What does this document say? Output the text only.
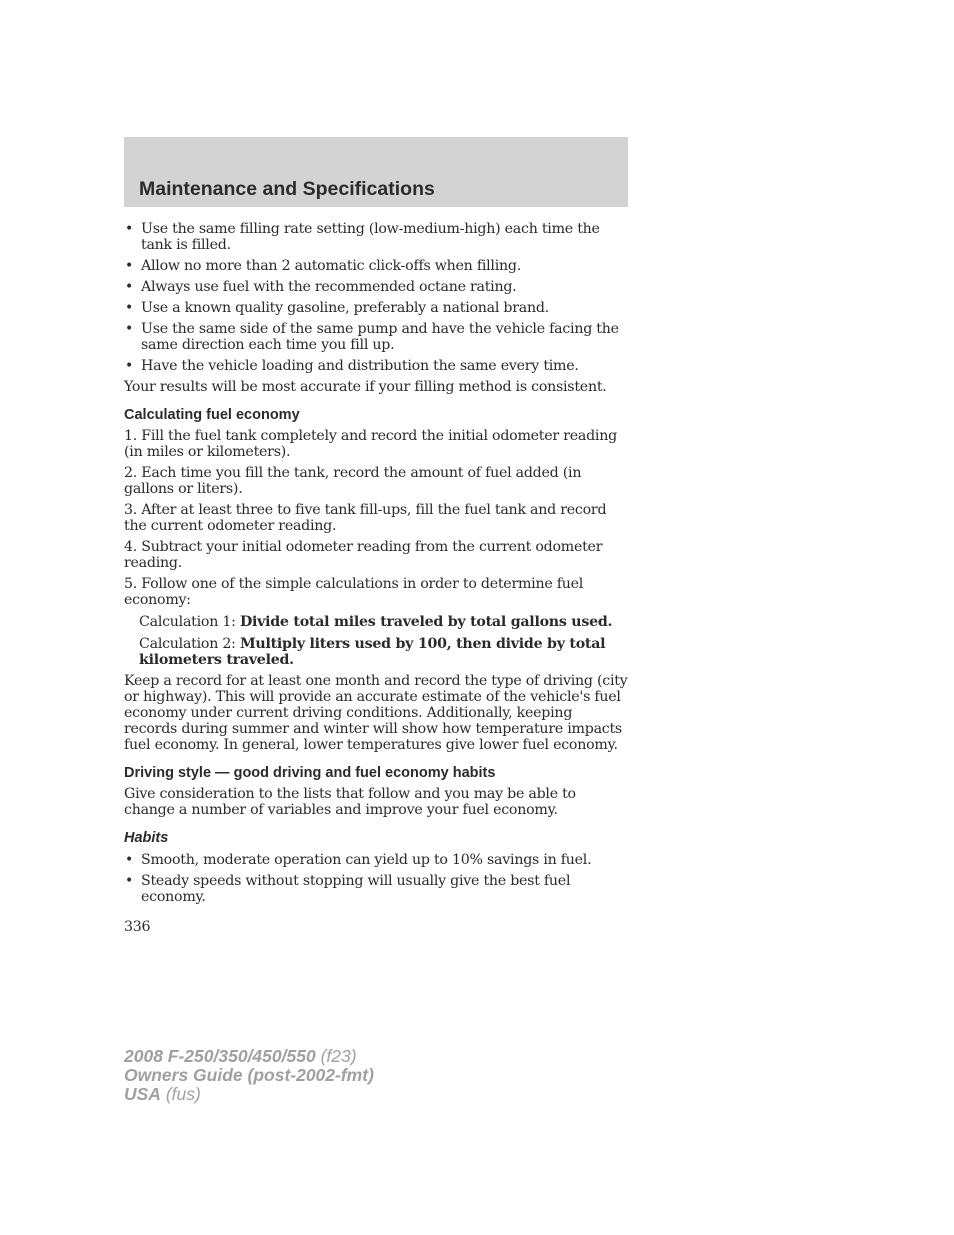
Maintenance and Specifications
• Use the same filling rate setting (low-medium-high) each time the tank is filled.
• Allow no more than 2 automatic click-offs when filling.
• Always use fuel with the recommended octane rating.
• Use a known quality gasoline, preferably a national brand.
• Use the same side of the same pump and have the vehicle facing the same direction each time you fill up.
• Have the vehicle loading and distribution the same every time.

Your results will be most accurate if your filling method is consistent.

Calculating fuel economy

1. Fill the fuel tank completely and record the initial odometer reading (in miles or kilometers).

2. Each time you fill the tank, record the amount of fuel added (in gallons or liters).

3. After at least three to five tank fill-ups, fill the fuel tank and record the current odometer reading.

4. Subtract your initial odometer reading from the current odometer reading.

5. Follow one of the simple calculations in order to determine fuel economy:

Calculation 1: Divide total miles traveled by total gallons used.

Calculation 2: Multiply liters used by 100, then divide by total kilometers traveled.

Keep a record for at least one month and record the type of driving (city or highway). This will provide an accurate estimate of the vehicle's fuel economy under current driving conditions. Additionally, keeping records during summer and winter will show how temperature impacts fuel economy. In general, lower temperatures give lower fuel economy.

Driving style — good driving and fuel economy habits

Give consideration to the lists that follow and you may be able to change a number of variables and improve your fuel economy.

Habits
• Smooth, moderate operation can yield up to 10% savings in fuel.
• Steady speeds without stopping will usually give the best fuel economy.

336

2008 F-250/350/450/550 (f23)
Owners Guide (post-2002-fmt)
USA (fus)
